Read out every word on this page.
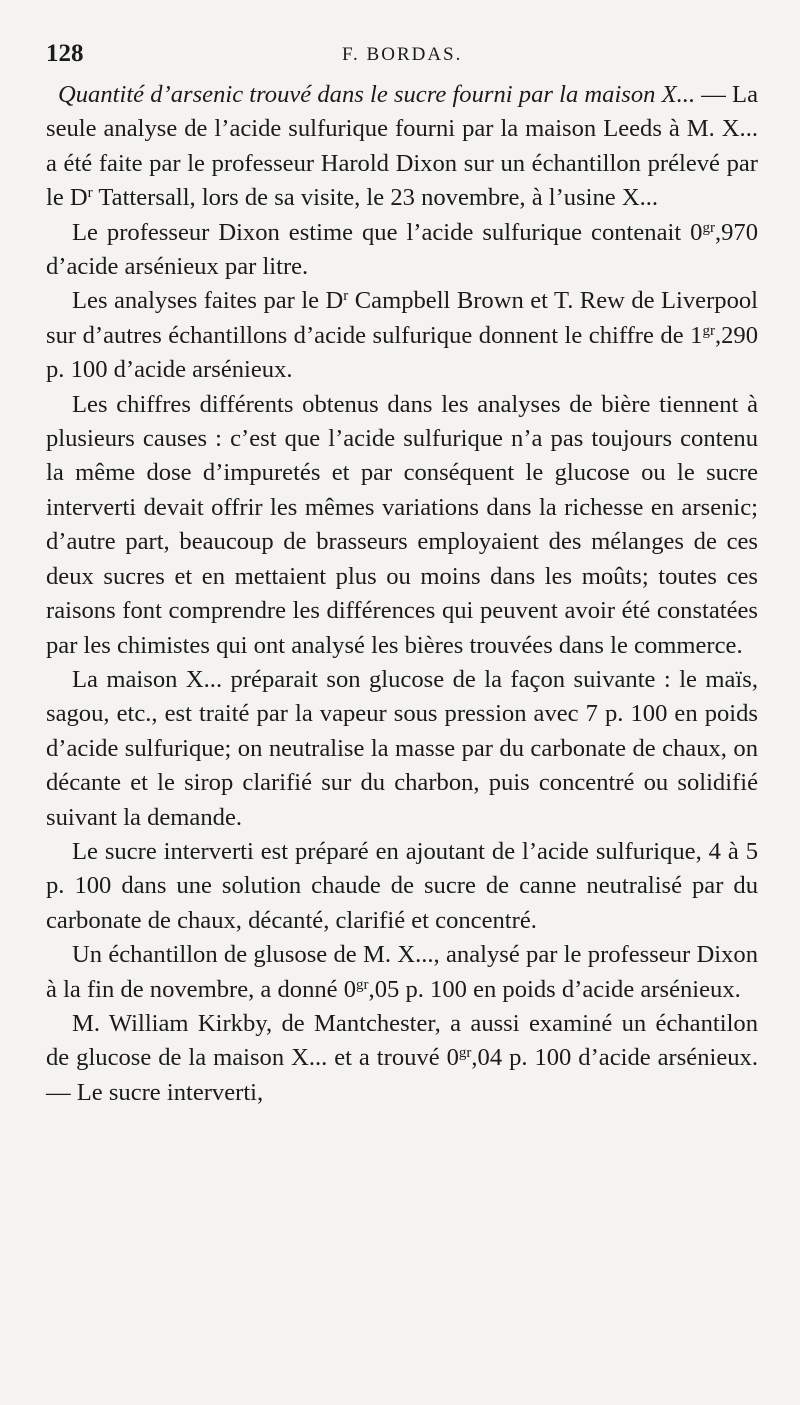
128	F. BORDAS.

Quantité d’arsenic trouvé dans le sucre fourni par la maison X... — La seule analyse de l’acide sulfurique fourni par la maison Leeds à M. X... a été faite par le professeur Harold Dixon sur un échantillon prélevé par le $D^r$ Tattersall, lors de sa visite, le 23 novembre, à l’usine X...

Le professeur Dixon estime que l’acide sulfurique contenait $0^{gr},970$ d’acide arsénieux par litre.

Les analyses faites par le $D^r$ Campbell Brown et T. Rew de Liverpool sur d’autres échantillons d’acide sulfurique donnent le chiffre de $1^{gr},290$ p. 100 d’acide arsénieux.

Les chiffres différents obtenus dans les analyses de bière tiennent à plusieurs causes : c’est que l’acide sulfurique n’a pas toujours contenu la même dose d’impuretés et par conséquent le glucose ou le sucre interverti devait offrir les mêmes variations dans la richesse en arsenic; d’autre part, beaucoup de brasseurs employaient des mélanges de ces deux sucres et en mettaient plus ou moins dans les moûts; toutes ces raisons font comprendre les différences qui peuvent avoir été constatées par les chimistes qui ont analysé les bières trouvées dans le commerce.

La maison X... préparait son glucose de la façon suivante : le maïs, sagou, etc., est traité par la vapeur sous pression avec 7 p. 100 en poids d’acide sulfurique; on neutralise la masse par du carbonate de chaux, on décante et le sirop clarifié sur du charbon, puis concentré ou solidifié suivant la demande.

Le sucre interverti est préparé en ajoutant de l’acide sulfurique, 4 à 5 p. 100 dans une solution chaude de sucre de canne neutralisé par du carbonate de chaux, décanté, clarifié et concentré.

Un échantillon de glusose de M. X..., analysé par le professeur Dixon à la fin de novembre, a donné $0^{gr},05$ p. 100 en poids d’acide arsénieux.

M. William Kirkby, de Mantchester, a aussi examiné un échantilon de glucose de la maison X... et a trouvé $0^{gr},04$ p. 100 d’acide arsénieux. — Le sucre interverti,
